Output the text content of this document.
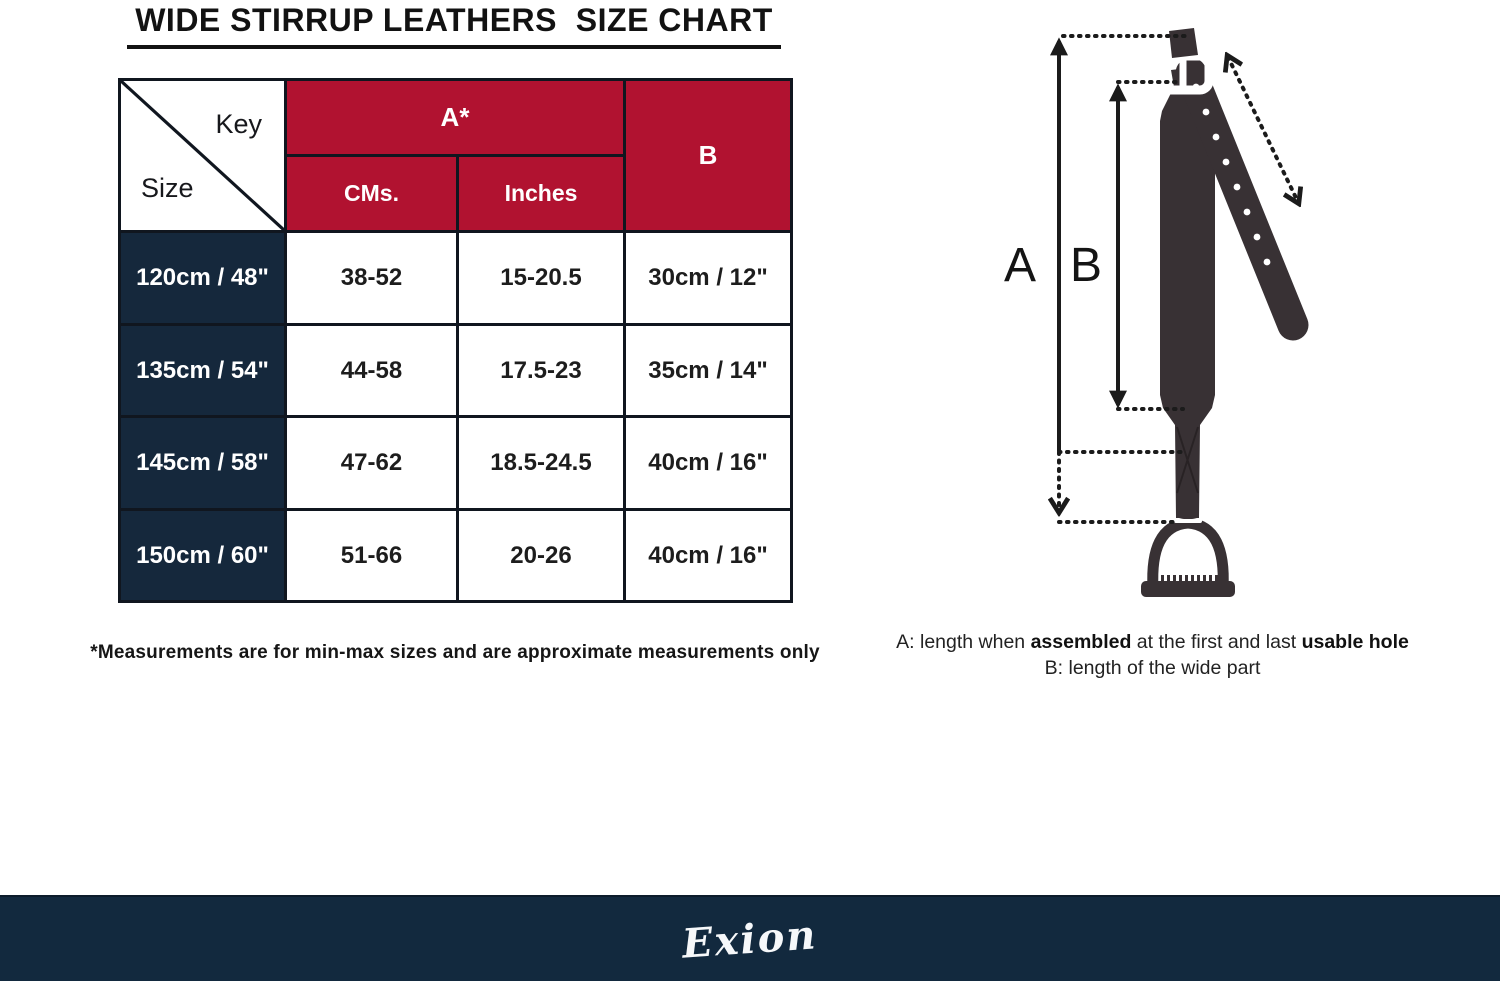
WIDE STIRRUP LEATHERS  SIZE CHART
Key
Size	A*		B
	CMs.	Inches	
120cm / 48"	38-52	15-20.5	30cm / 12"
135cm / 54"	44-58	17.5-23	35cm / 14"
145cm / 58"	47-62	18.5-24.5	40cm / 16"
150cm / 60"	51-66	20-26	40cm / 16"
*Measurements are for min-max sizes and are approximate measurements only
A B
A: length when assembled at the first and last usable hole
B: length of the wide part
Exion
